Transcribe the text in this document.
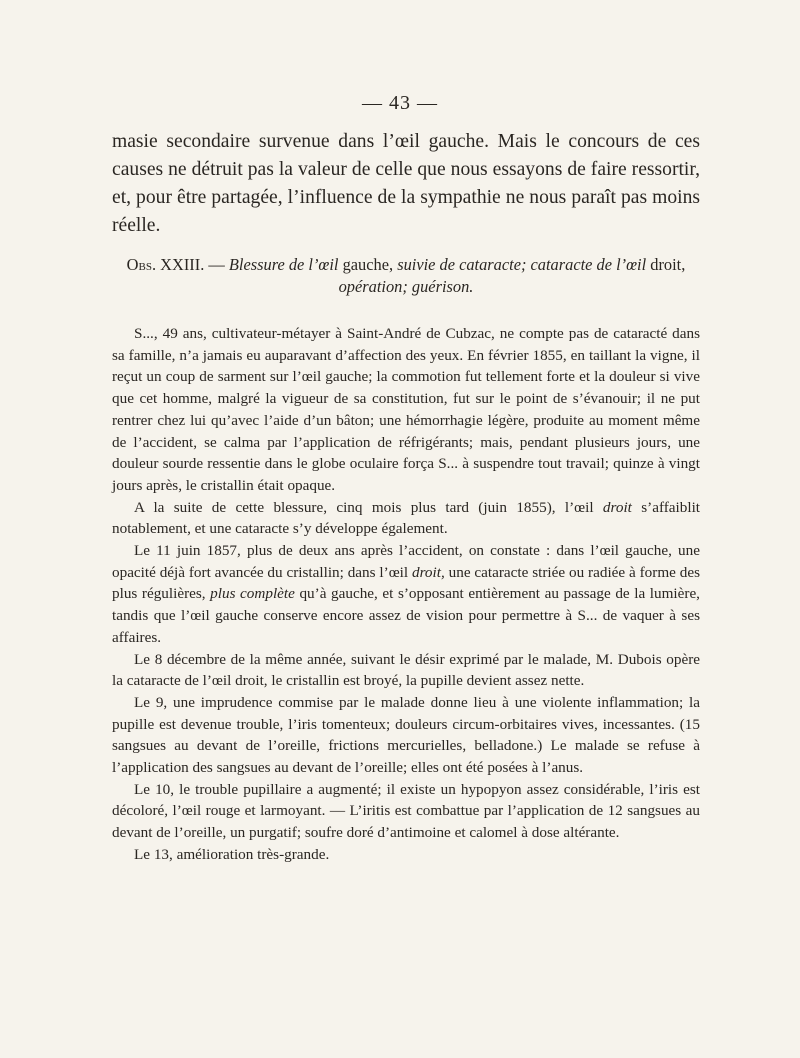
— 43 —

masie secondaire survenue dans l’œil gauche. Mais le concours de ces causes ne détruit pas la valeur de celle que nous essayons de faire ressortir, et, pour être partagée, l’influence de la sympathie ne nous paraît pas moins réelle.

Obs. XXIII. — Blessure de l’œil gauche, suivie de cataracte; cataracte de l’œil droit,
opération; guérison.

S..., 49 ans, cultivateur-métayer à Saint-André de Cubzac, ne compte pas de cataracté dans sa famille, n’a jamais eu auparavant d’affection des yeux. En février 1855, en taillant la vigne, il reçut un coup de sarment sur l’œil gauche; la commotion fut tellement forte et la douleur si vive que cet homme, malgré la vigueur de sa constitution, fut sur le point de s’évanouir; il ne put rentrer chez lui qu’avec l’aide d’un bâton; une hémorrhagie légère, produite au moment même de l’accident, se calma par l’application de réfrigérants; mais, pendant plusieurs jours, une douleur sourde ressentie dans le globe oculaire força S... à suspendre tout travail; quinze à vingt jours après, le cristallin était opaque.

A la suite de cette blessure, cinq mois plus tard (juin 1855), l’œil droit s’affaiblit notablement, et une cataracte s’y développe également.

Le 11 juin 1857, plus de deux ans après l’accident, on constate : dans l’œil gauche, une opacité déjà fort avancée du cristallin; dans l’œil droit, une cataracte striée ou radiée à forme des plus régulières, plus complète qu’à gauche, et s’opposant entièrement au passage de la lumière, tandis que l’œil gauche conserve encore assez de vision pour permettre à S... de vaquer à ses affaires.

Le 8 décembre de la même année, suivant le désir exprimé par le malade, M. Dubois opère la cataracte de l’œil droit, le cristallin est broyé, la pupille devient assez nette.

Le 9, une imprudence commise par le malade donne lieu à une violente inflammation; la pupille est devenue trouble, l’iris tomenteux; douleurs circum-orbitaires vives, incessantes. (15 sangsues au devant de l’oreille, frictions mercurielles, belladone.) Le malade se refuse à l’application des sangsues au devant de l’oreille; elles ont été posées à l’anus.

Le 10, le trouble pupillaire a augmenté; il existe un hypopyon assez considérable, l’iris est décoloré, l’œil rouge et larmoyant. — L’iritis est combattue par l’application de 12 sangsues au devant de l’oreille, un purgatif; soufre doré d’antimoine et calomel à dose altérante.

Le 13, amélioration très-grande.
